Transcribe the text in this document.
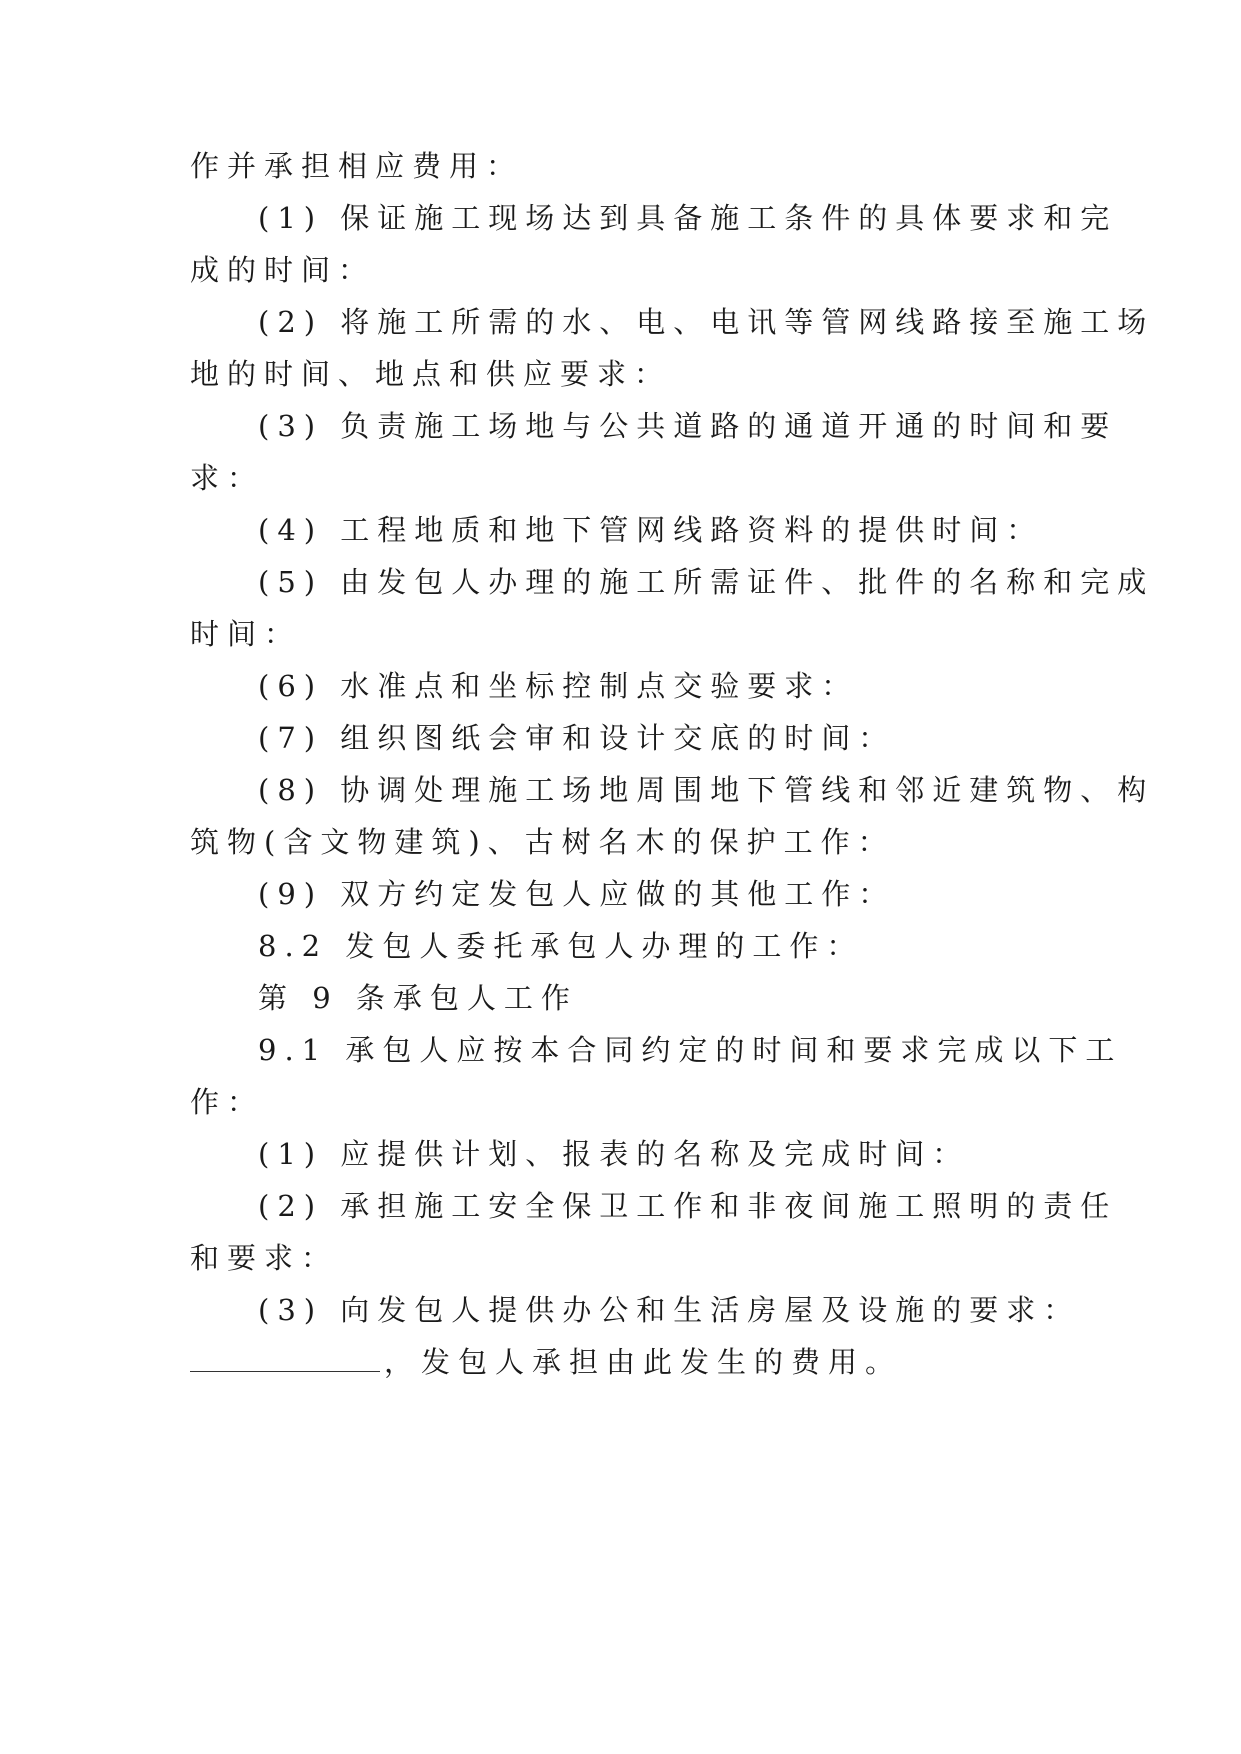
作并承担相应费用：
(1) 保证施工现场达到具备施工条件的具体要求和完
成的时间：
(2) 将施工所需的水、电、电讯等管网线路接至施工场
地的时间、地点和供应要求：
(3) 负责施工场地与公共道路的通道开通的时间和要
求：
(4) 工程地质和地下管网线路资料的提供时间：
(5) 由发包人办理的施工所需证件、批件的名称和完成
时间：
(6) 水准点和坐标控制点交验要求：
(7) 组织图纸会审和设计交底的时间：
(8) 协调处理施工场地周围地下管线和邻近建筑物、构
筑物(含文物建筑)、古树名木的保护工作：
(9) 双方约定发包人应做的其他工作：
8.2 发包人委托承包人办理的工作：
第 9 条承包人工作
9.1 承包人应按本合同约定的时间和要求完成以下工
作：
(1) 应提供计划、报表的名称及完成时间：
(2) 承担施工安全保卫工作和非夜间施工照明的责任
和要求：
(3) 向发包人提供办公和生活房屋及设施的要求：
，发包人承担由此发生的费用。
